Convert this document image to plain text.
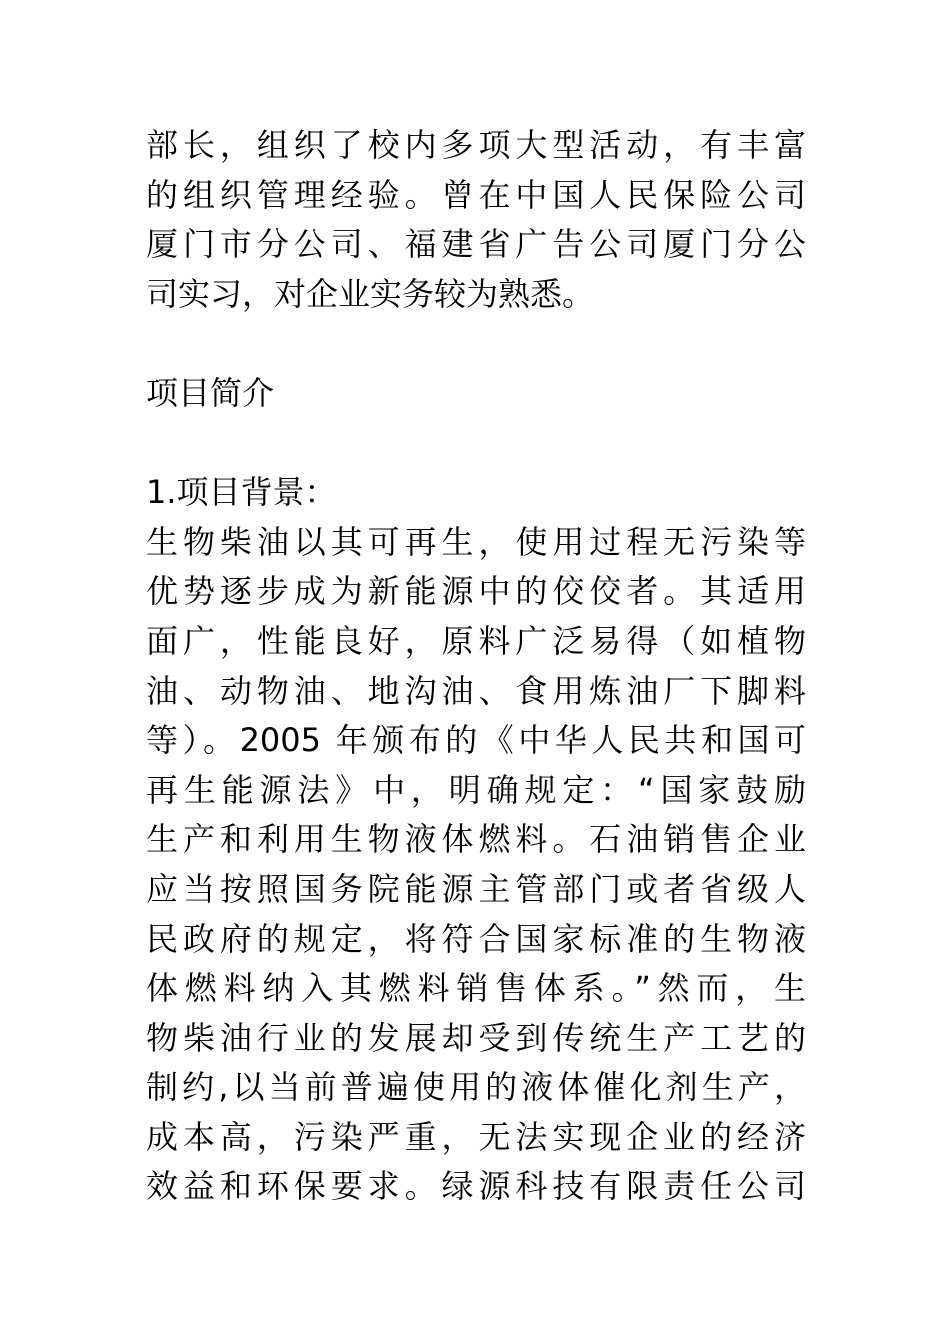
部长，组织了校内多项大型活动，有丰富
的组织管理经验。曾在中国人民保险公司
厦门市分公司、福建省广告公司厦门分公
司实习，对企业实务较为熟悉。
项目简介
1.项目背景：
生物柴油以其可再生，使用过程无污染等
优势逐步成为新能源中的佼佼者。其适用
面广，性能良好，原料广泛易得（如植物
油、动物油、地沟油、食用炼油厂下脚料
等）。2005 年颁布的《中华人民共和国可
再生能源法》中，明确规定：“国家鼓励
生产和利用生物液体燃料。石油销售企业
应当按照国务院能源主管部门或者省级人
民政府的规定，将符合国家标准的生物液
体燃料纳入其燃料销售体系。”然而，生
物柴油行业的发展却受到传统生产工艺的
制约,以当前普遍使用的液体催化剂生产，
成本高，污染严重，无法实现企业的经济
效益和环保要求。绿源科技有限责任公司
